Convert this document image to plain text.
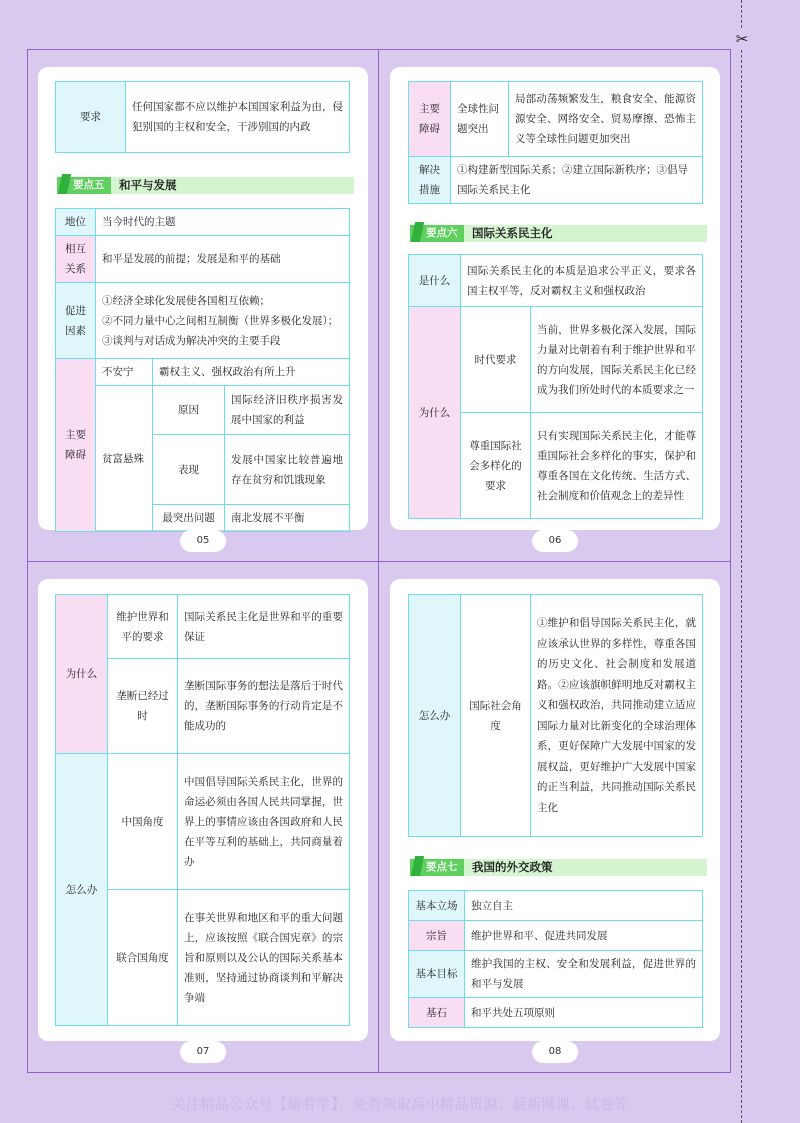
✂
要求	任何国家都不应以维护本国国家利益为由，侵犯别国的主权和安全，干涉别国的内政
要点五	和平与发展
地位	当今时代的主题		
相互关系	和平是发展的前提；发展是和平的基础		
促进因素	①经济全球化发展使各国相互依赖；
②不同力量中心之间相互制衡（世界多极化发展）；
③谈判与对话成为解决冲突的主要手段		

主要障碍	不安宁	霸权主义、强权政治有所上升	
	贫富悬殊	原因	国际经济旧秩序损害发展中国家的利益
		表现	发展中国家比较普遍地存在贫穷和饥饿现象
		最突出问题	南北发展不平衡
05
主要障碍	全球性问题突出	局部动荡频繁发生，粮食安全、能源资源安全、网络安全、贸易摩擦、恐怖主义等全球性问题更加突出
解决措施	①构建新型国际关系；②建立国际新秩序；③倡导国际关系民主化	
要点六	国际关系民主化
是什么	国际关系民主化的本质是追求公平正义，要求各国主权平等，反对霸权主义和强权政治	
为什么	时代要求	当前，世界多极化深入发展，国际力量对比朝着有利于维护世界和平的方向发展，国际关系民主化已经成为我们所处时代的本质要求之一
	尊重国际社会多样化的要求	只有实现国际关系民主化，才能尊重国际社会多样化的事实，保护和尊重各国在文化传统、生活方式、社会制度和价值观念上的差异性
06
为什么	维护世界和平的要求	国际关系民主化是世界和平的重要保证
	垄断已经过时	垄断国际事务的想法是落后于时代的，垄断国际事务的行动肯定是不能成功的
怎么办	中国角度	中国倡导国际关系民主化，世界的命运必须由各国人民共同掌握，世界上的事情应该由各国政府和人民在平等互利的基础上，共同商量着办
	联合国角度	在事关世界和地区和平的重大问题上，应该按照《联合国宪章》的宗旨和原则以及公认的国际关系基本准则，坚持通过协商谈判和平解决争端
07
怎么办	国际社会角度	①维护和倡导国际关系民主化，就应该承认世界的多样性，尊重各国的历史文化、社会制度和发展道路。②应该旗帜鲜明地反对霸权主义和强权政治，共同推动建立适应国际力量对比新变化的全球治理体系，更好保障广大发展中国家的发展权益，更好维护广大发展中国家的正当利益，共同推动国际关系民主化
要点七	我国的外交政策
基本立场	独立自主
宗旨	维护世界和平、促进共同发展
基本目标	维护我国的主权、安全和发展利益，促进世界的和平与发展
基石	和平共处五项原则
08
关注精品公众号【偷着学】，免费领取高中精品资源、最新网课、试卷等
